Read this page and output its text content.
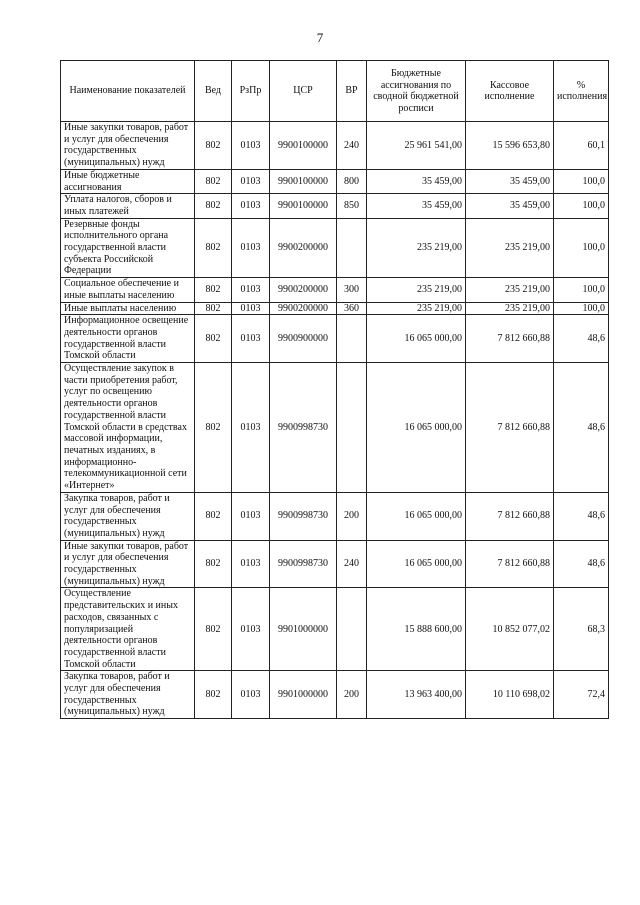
7
Наименование показателей	Вед	РзПр	ЦСР	ВР	Бюджетные ассигнования по сводной бюджетной росписи	Кассовое исполнение	% исполнения
Иные закупки товаров, работ и услуг для обеспечения государственных (муниципальных) нужд	802	0103	9900100000	240	25 961 541,00	15 596 653,80	60,1
Иные бюджетные ассигнования	802	0103	9900100000	800	35 459,00	35 459,00	100,0
Уплата налогов, сборов и иных платежей	802	0103	9900100000	850	35 459,00	35 459,00	100,0
Резервные фонды исполнительного органа государственной власти субъекта Российской Федерации	802	0103	9900200000		235 219,00	235 219,00	100,0
Социальное обеспечение и иные выплаты населению	802	0103	9900200000	300	235 219,00	235 219,00	100,0
Иные выплаты населению	802	0103	9900200000	360	235 219,00	235 219,00	100,0
Информационное освещение деятельности органов государственной власти Томской области	802	0103	9900900000		16 065 000,00	7 812 660,88	48,6
Осуществление закупок в части приобретения работ, услуг по освещению деятельности органов государственной власти Томской области в средствах массовой информации, печатных изданиях, в информационно-телекоммуникационной сети «Интернет»	802	0103	9900998730		16 065 000,00	7 812 660,88	48,6
Закупка товаров, работ и услуг для обеспечения государственных (муниципальных) нужд	802	0103	9900998730	200	16 065 000,00	7 812 660,88	48,6
Иные закупки товаров, работ и услуг для обеспечения государственных (муниципальных) нужд	802	0103	9900998730	240	16 065 000,00	7 812 660,88	48,6
Осуществление представительских и иных расходов, связанных с популяризацией деятельности органов государственной власти Томской области	802	0103	9901000000		15 888 600,00	10 852 077,02	68,3
Закупка товаров, работ и услуг для обеспечения государственных (муниципальных) нужд	802	0103	9901000000	200	13 963 400,00	10 110 698,02	72,4
